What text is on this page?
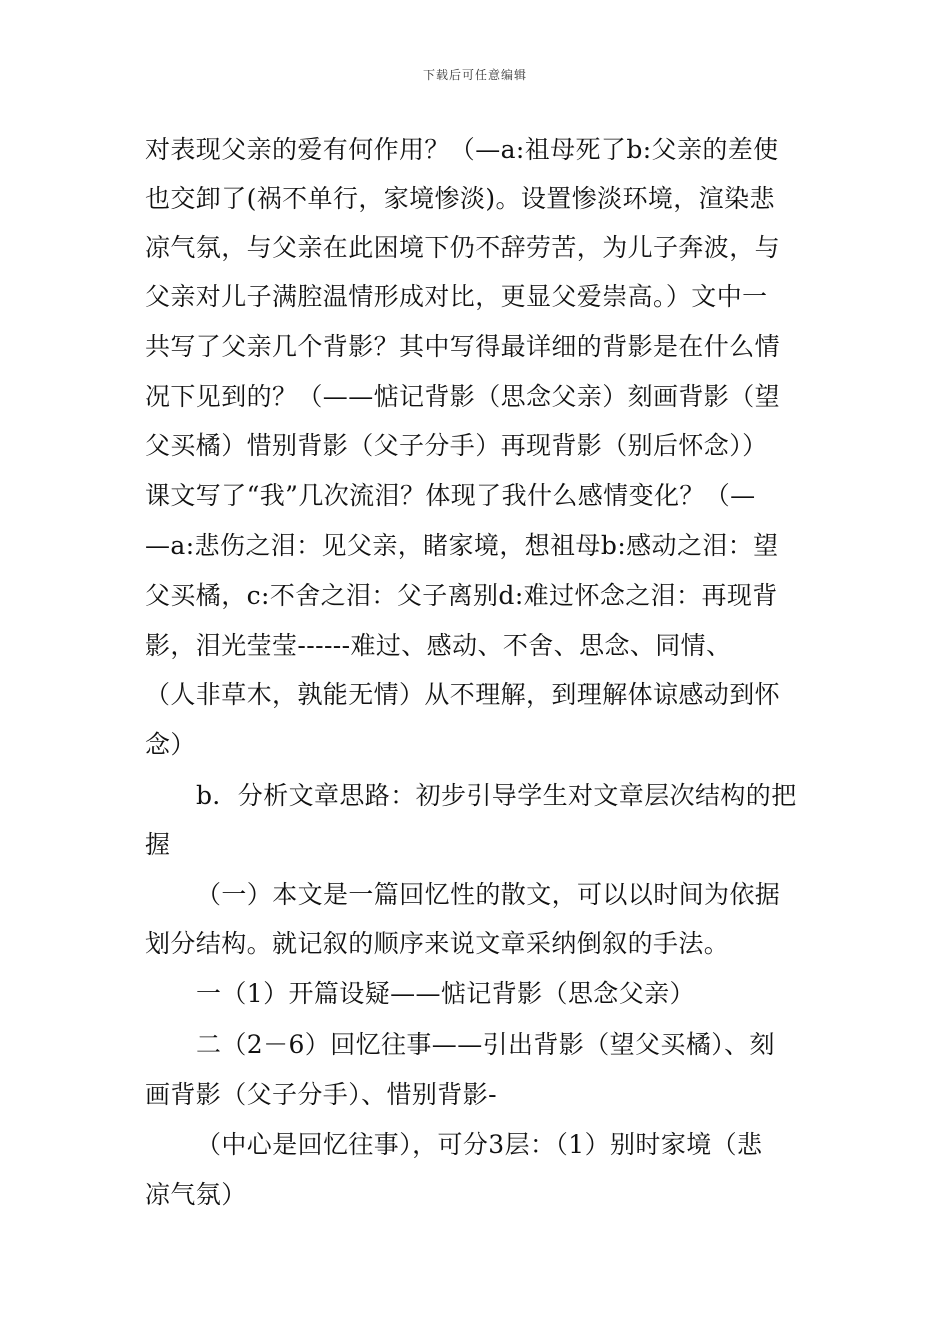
下载后可任意编辑
对表现父亲的爱有何作用？（—a:祖母死了b:父亲的差使
也交卸了(祸不单行，家境惨淡)。设置惨淡环境，渲染悲
凉气氛，与父亲在此困境下仍不辞劳苦，为儿子奔波，与
父亲对儿子满腔温情形成对比，更显父爱崇高。）文中一
共写了父亲几个背影？其中写得最详细的背影是在什么情
况下见到的？（——惦记背影（思念父亲）刻画背影（望
父买橘）惜别背影（父子分手）再现背影（别后怀念））
课文写了“我”几次流泪？体现了我什么感情变化？（—
—a:悲伤之泪：见父亲，睹家境，想祖母b:感动之泪：望
父买橘，c:不舍之泪：父子离别d:难过怀念之泪：再现背
影，泪光莹莹------难过、感动、不舍、思念、同情、
（人非草木，孰能无情）从不理解，到理解体谅感动到怀
念）
b．分析文章思路：初步引导学生对文章层次结构的把
握
（一）本文是一篇回忆性的散文，可以以时间为依据
划分结构。就记叙的顺序来说文章采纳倒叙的手法。
一（1）开篇设疑——惦记背影（思念父亲）
二（2－6）回忆往事——引出背影（望父买橘）、刻
画背影（父子分手）、惜别背影-
（中心是回忆往事），可分3层：（1）别时家境（悲
凉气氛）
